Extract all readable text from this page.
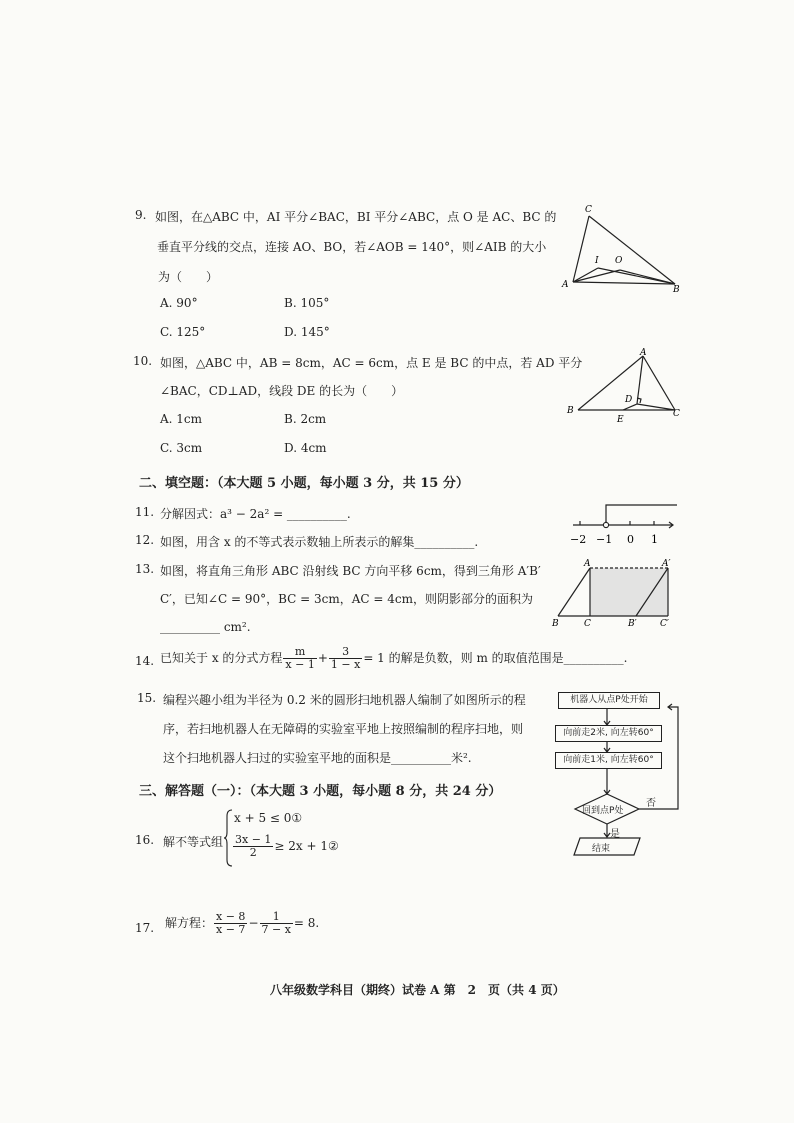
9. 如图，在△ABC 中，AI 平分∠BAC，BI 平分∠ABC，点 O 是 AC、BC 的
垂直平分线的交点，连接 AO、BO，若∠AOB = 140°，则∠AIB 的大小
为（　　）
A. 90°	B. 105°
C. 125°	D. 145°
C
I O
A	B
10. 如图，△ABC 中，AB = 8cm，AC = 6cm，点 E 是 BC 的中点，若 AD 平分
∠BAC，CD⊥AD，线段 DE 的长为（　　）
A. 1cm	B. 2cm
C. 3cm	D. 4cm
A
D
B
E
C
二、填空题：（本大题 5 小题，每小题 3 分，共 15 分）
11. 分解因式：a³ − 2a² = __________.
12. 如图，用含 x 的不等式表示数轴上所表示的解集__________.	−2 −1 0 1
13. 如图，将直角三角形 ABC 沿射线 BC 方向平移 6cm，得到三角形 A′B′
C′，已知∠C = 90°，BC = 3cm，AC = 4cm，则阴影部分的面积为
__________ cm².
A	A′
B	C	B′	C′
14. 已知关于 x 的分式方程 $\frac{m}{x - 1} + \frac{3}{1 - x} = 1$ 的解是负数，则 m 的取值范围是__________.
15. 编程兴趣小组为半径为 0.2 米的圆形扫地机器人编制了如图所示的程
序，若扫地机器人在无障碍的实验室平地上按照编制的程序扫地，则
这个扫地机器人扫过的实验室平地的面积是__________米².
机器人从点P处开始
向前走2米, 向左转60°
向前走1米, 向左转60°
回到点P处
否
是
结束
三、解答题（一）：（本大题 3 小题，每小题 8 分，共 24 分）
16. 解不等式组
x + 5 ≤ 0①
$\frac{3x - 1}{2} \ge 2x$ + 1②
17. 解方程： $\frac{x - 8}{x - 7} - \frac{1}{7 - x} = 8$.
八年级数学科目（期终）试卷 A 第　2　页（共 4 页）
